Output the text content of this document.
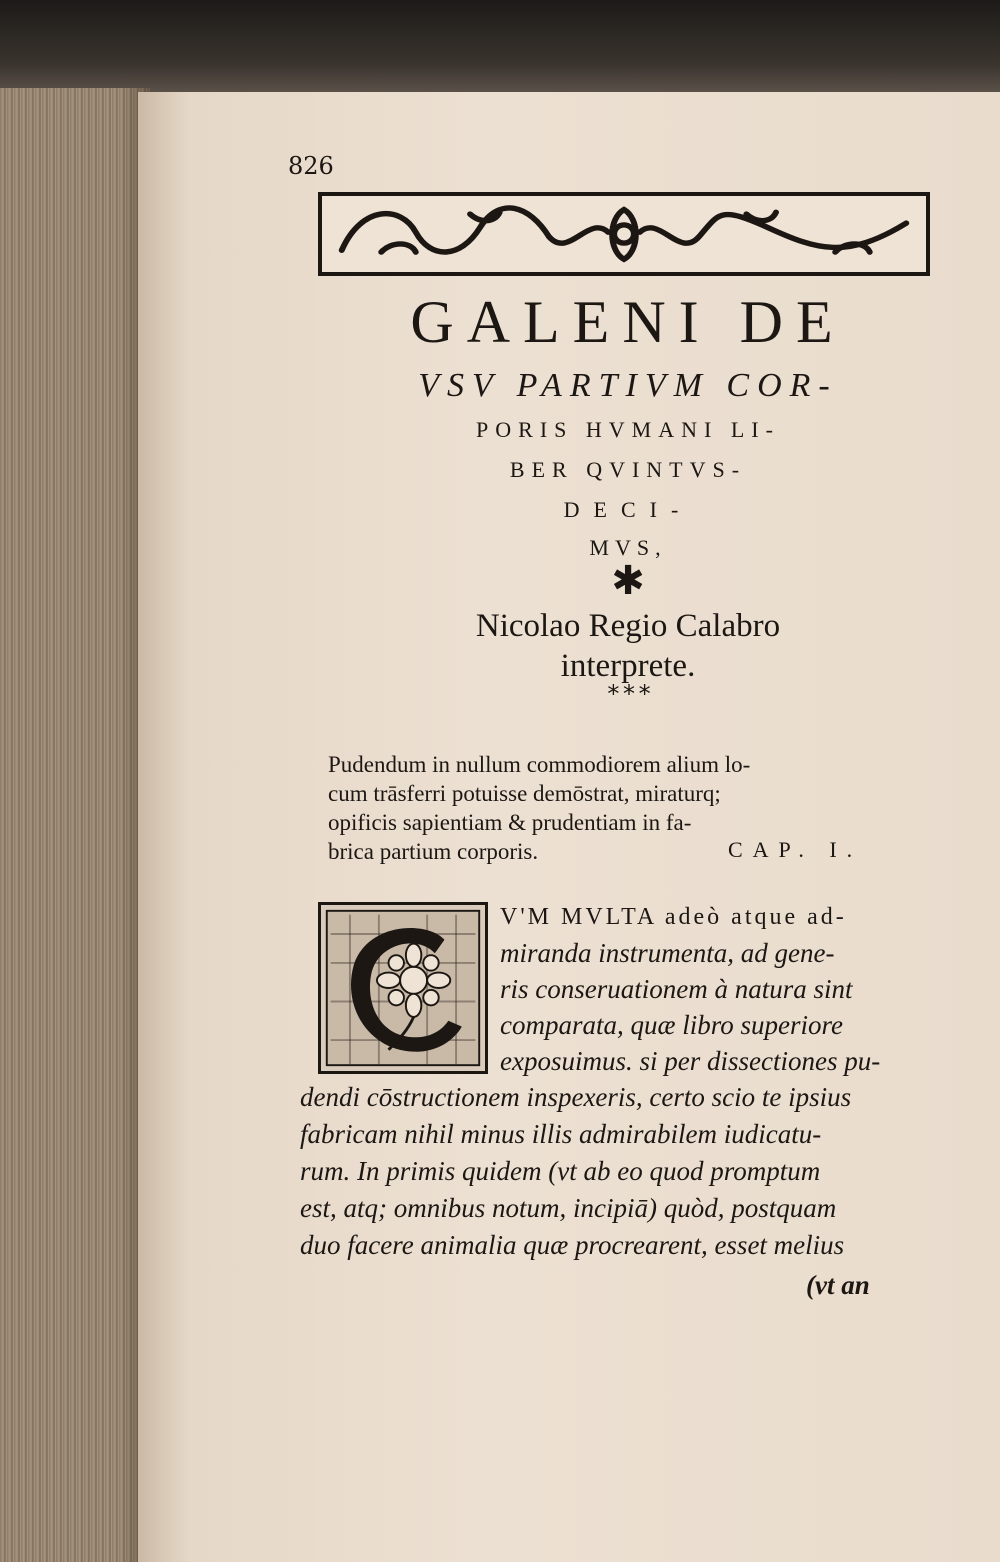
826
GALENI DE
VSV PARTIVM COR-
PORIS HVMANI LI-
BER QVINTVS-
DECI-
MVS,
✱
Nicolao Regio Calabro
interprete.
* * *
Pudendum in nullum commodiorem alium lo-
cum trāsferri potuisse demōstrat, miraturq;
opificis sapientiam & prudentiam in fa-
brica partium corporis.	CAP. I.
V'M MVLTA adeò atque ad-
miranda instrumenta, ad gene-
ris conseruationem à natura sint
comparata, quæ libro superiore
exposuimus. si per dissectiones pu-
dendi cōstructionem inspexeris, certo scio te ipsius
fabricam nihil minus illis admirabilem iudicatu-
rum. In primis quidem (vt ab eo quod promptum
est, atq; omnibus notum, incipiā) quòd, postquam
duo facere animalia quæ procrearent, esset melius
(vt an
